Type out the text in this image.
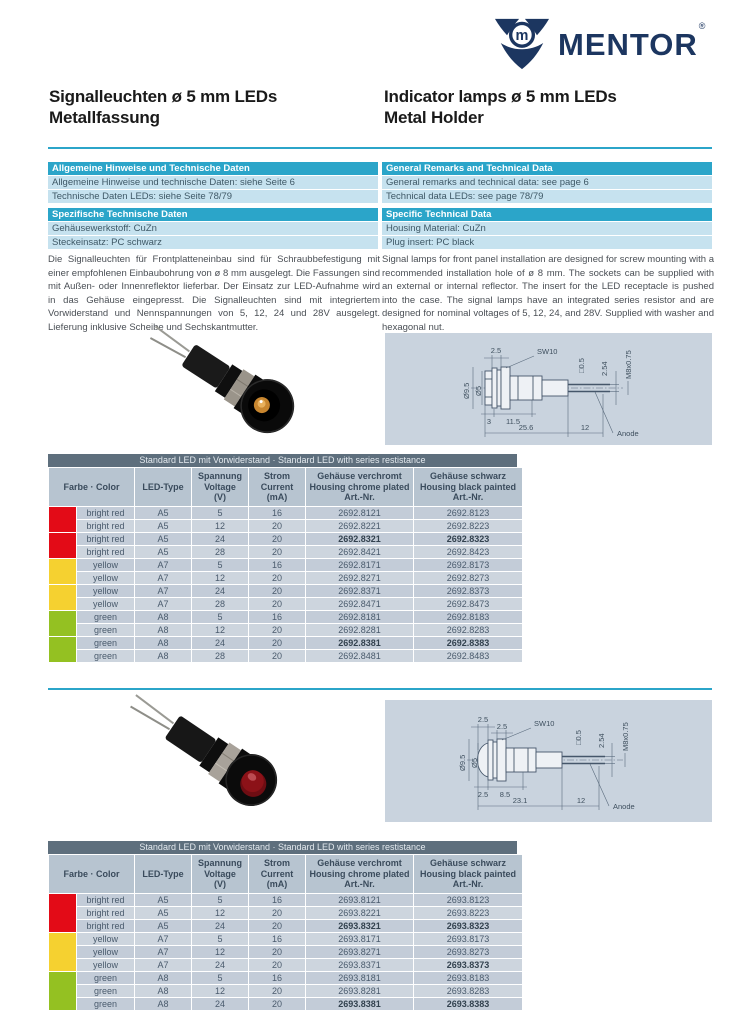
m MENTOR®
Signalleuchten ø 5 mm LEDs
Metallfassung
Indicator lamps ø 5 mm LEDs
Metal Holder
Allgemeine Hinweise und Technische Daten
Allgemeine Hinweise und technische Daten: siehe Seite 6
Technische Daten LEDs: siehe Seite 78/79
General Remarks and Technical Data
General remarks and technical data: see page 6
Technical data LEDs: see page 78/79
Spezifische Technische Daten
Gehäusewerkstoff: CuZn
Steckeinsatz: PC schwarz
Specific Technical Data
Housing Material: CuZn
Plug insert: PC black
Die Signalleuchten für Frontplatteneinbau sind für Schraubbefestigung mit einer empfohlenen Einbaubohrung von ø 8 mm ausgelegt. Die Fassungen sind mit Außen- oder Innenreflektor lieferbar. Der Einsatz zur LED-Aufnahme wird in das Gehäuse eingepresst. Die Signalleuchten sind mit integriertem Vorwiderstand und Nennspannungen von 5, 12, 24 und 28V ausgelegt. Lieferung inklusive Scheibe und Sechskantmutter.
Signal lamps for front panel installation are designed for screw mounting with a recommended installation hole of ø 8 mm. The sockets can be supplied with an external or internal reflector. The insert for the LED receptacle is pushed into the case. The signal lamps have an integrated series resistor and are designed for nominal voltages of 5, 12, 24, and 28V. Supplied with washer and hexagonal nut.
2.5	SW10
□0.5 2.54 M8x0.75
Ø9.5 Ø5
3 11.5
25.6	12
Anode
Standard LED mit Vorwiderstand · Standard LED with series restistance
Farbe · Color	LED-Type

Spannung
Voltage
(V)

Strom
Current
(mA)

Gehäuse verchromt
Housing chrome plated
Art.-Nr.

Gehäuse schwarz
Housing black painted
Art.-Nr.

	bright red	A5	5	16	2692.8121	2692.8123
	bright red	A5	12	20	2692.8221	2692.8223
	bright red	A5	24	20	2692.8321	2692.8323
	bright red	A5	28	20	2692.8421	2692.8423
	yellow	A7	5	16	2692.8171	2692.8173
	yellow	A7	12	20	2692.8271	2692.8273
	yellow	A7	24	20	2692.8371	2692.8373
	yellow	A7	28	20	2692.8471	2692.8473
	green	A8	5	16	2692.8181	2692.8183
	green	A8	12	20	2692.8281	2692.8283
	green	A8	24	20	2692.8381	2692.8383
	green	A8	28	20	2692.8481	2692.8483
2.5
2.5	SW10
□0.5 2.54 M8x0.75
Ø9.5 Ø5
2.5 8.5
23.1	12
Anode
Standard LED mit Vorwiderstand · Standard LED with series restistance
Farbe · Color	LED-Type

Spannung
Voltage
(V)

Strom
Current
(mA)

Gehäuse verchromt
Housing chrome plated
Art.-Nr.

Gehäuse schwarz
Housing black painted
Art.-Nr.

	bright red	A5	5	16	2693.8121	2693.8123
	bright red	A5	12	20	2693.8221	2693.8223
	bright red	A5	24	20	2693.8321	2693.8323
	yellow	A7	5	16	2693.8171	2693.8173
	yellow	A7	12	20	2693.8271	2693.8273
	yellow	A7	24	20	2693.8371	2693.8373
	green	A8	5	16	2693.8181	2693.8183
	green	A8	12	20	2693.8281	2693.8283
	green	A8	24	20	2693.8381	2693.8383
